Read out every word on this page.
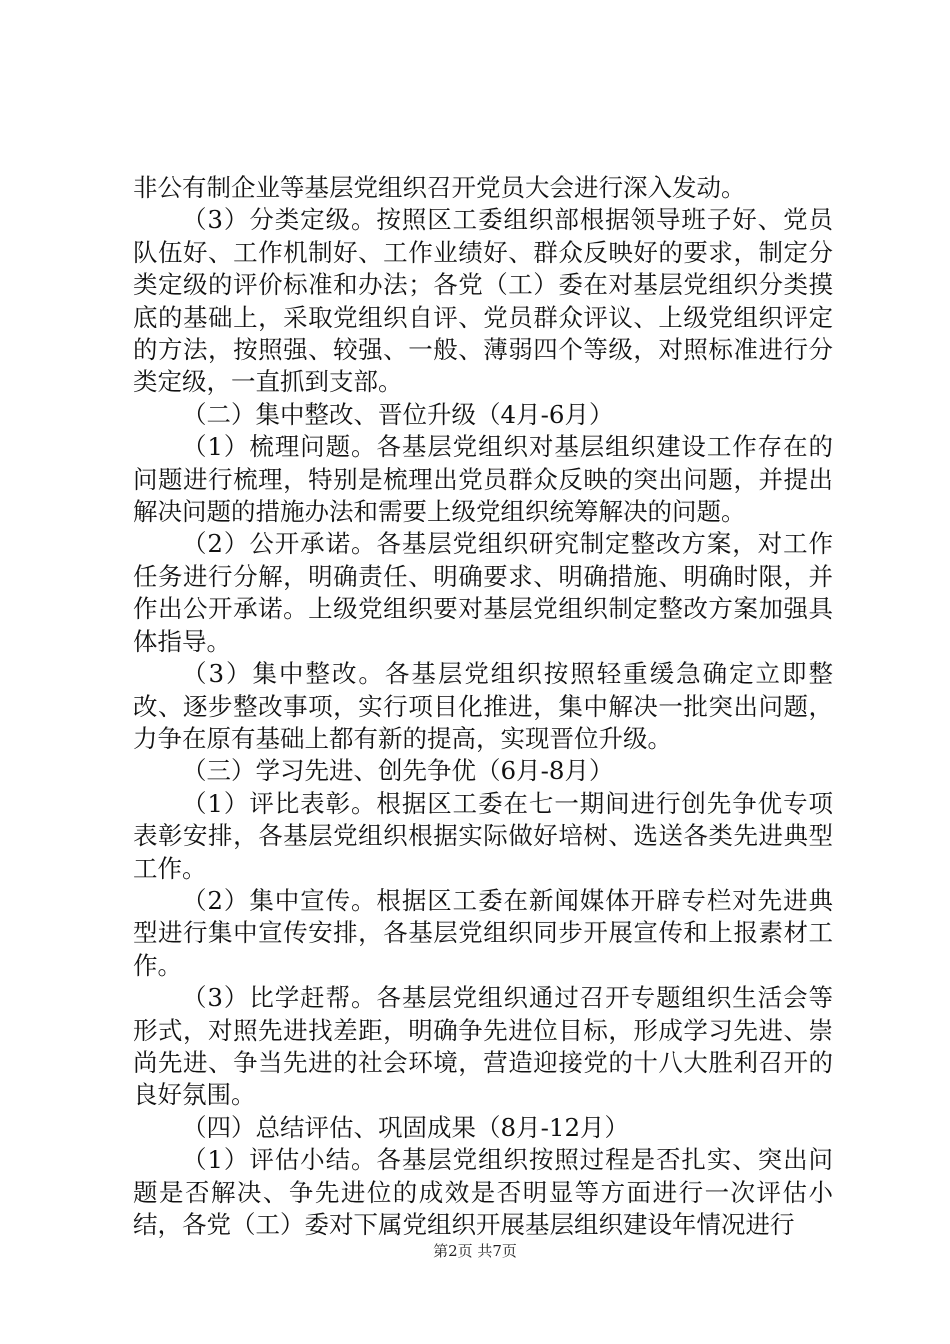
非公有制企业等基层党组织召开党员大会进行深入发动。

（3）分类定级。按照区工委组织部根据领导班子好、党员队伍好、工作机制好、工作业绩好、群众反映好的要求，制定分类定级的评价标准和办法；各党（工）委在对基层党组织分类摸底的基础上，采取党组织自评、党员群众评议、上级党组织评定的方法，按照强、较强、一般、薄弱四个等级，对照标准进行分类定级，一直抓到支部。

（二）集中整改、晋位升级（4月-6月）

（1）梳理问题。各基层党组织对基层组织建设工作存在的问题进行梳理，特别是梳理出党员群众反映的突出问题，并提出解决问题的措施办法和需要上级党组织统筹解决的问题。

（2）公开承诺。各基层党组织研究制定整改方案，对工作任务进行分解，明确责任、明确要求、明确措施、明确时限，并作出公开承诺。上级党组织要对基层党组织制定整改方案加强具体指导。

（3）集中整改。各基层党组织按照轻重缓急确定立即整改、逐步整改事项，实行项目化推进，集中解决一批突出问题，力争在原有基础上都有新的提高，实现晋位升级。

（三）学习先进、创先争优（6月-8月）

（1）评比表彰。根据区工委在七一期间进行创先争优专项表彰安排，各基层党组织根据实际做好培树、选送各类先进典型工作。

（2）集中宣传。根据区工委在新闻媒体开辟专栏对先进典型进行集中宣传安排，各基层党组织同步开展宣传和上报素材工作。

（3）比学赶帮。各基层党组织通过召开专题组织生活会等形式，对照先进找差距，明确争先进位目标，形成学习先进、崇尚先进、争当先进的社会环境，营造迎接党的十八大胜利召开的良好氛围。

（四）总结评估、巩固成果（8月-12月）

（1）评估小结。各基层党组织按照过程是否扎实、突出问题是否解决、争先进位的成效是否明显等方面进行一次评估小结，各党（工）委对下属党组织开展基层组织建设年情况进行

第2页 共7页
